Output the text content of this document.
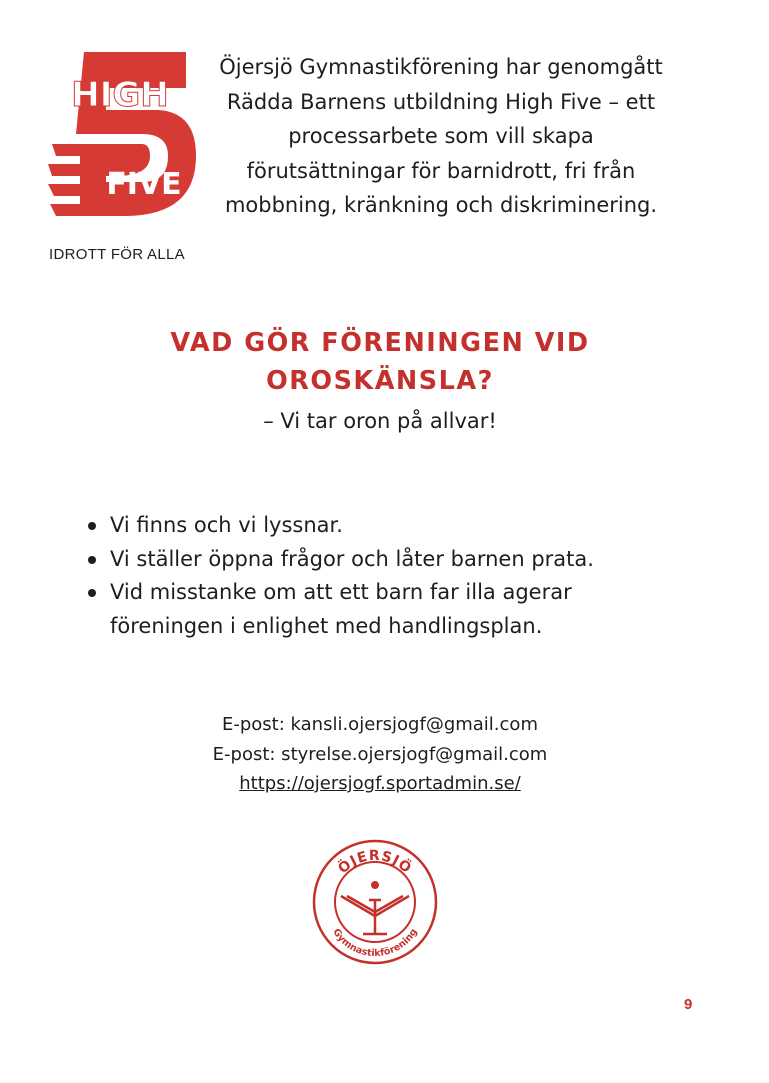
HIGH
FIVE
IDROTT FÖR ALLA
Öjersjö Gymnastikförening har genomgått Rädda Barnens utbildning High Five – ett processarbete som vill skapa förutsättningar för barnidrott, fri från mobbning, kränkning och diskriminering.
VAD GÖR FÖRENINGEN VID
OROSKÄNSLA?
– Vi tar oron på allvar!
Vi finns och vi lyssnar.
Vi ställer öppna frågor och låter barnen prata.
Vid misstanke om att ett barn far illa agerar föreningen i enlighet med handlingsplan.
E-post: kansli.ojersjogf@gmail.com
E-post: styrelse.ojersjogf@gmail.com
https://ojersjogf.sportadmin.se/
ÖJERSJÖ
Gymnastikförening
9
